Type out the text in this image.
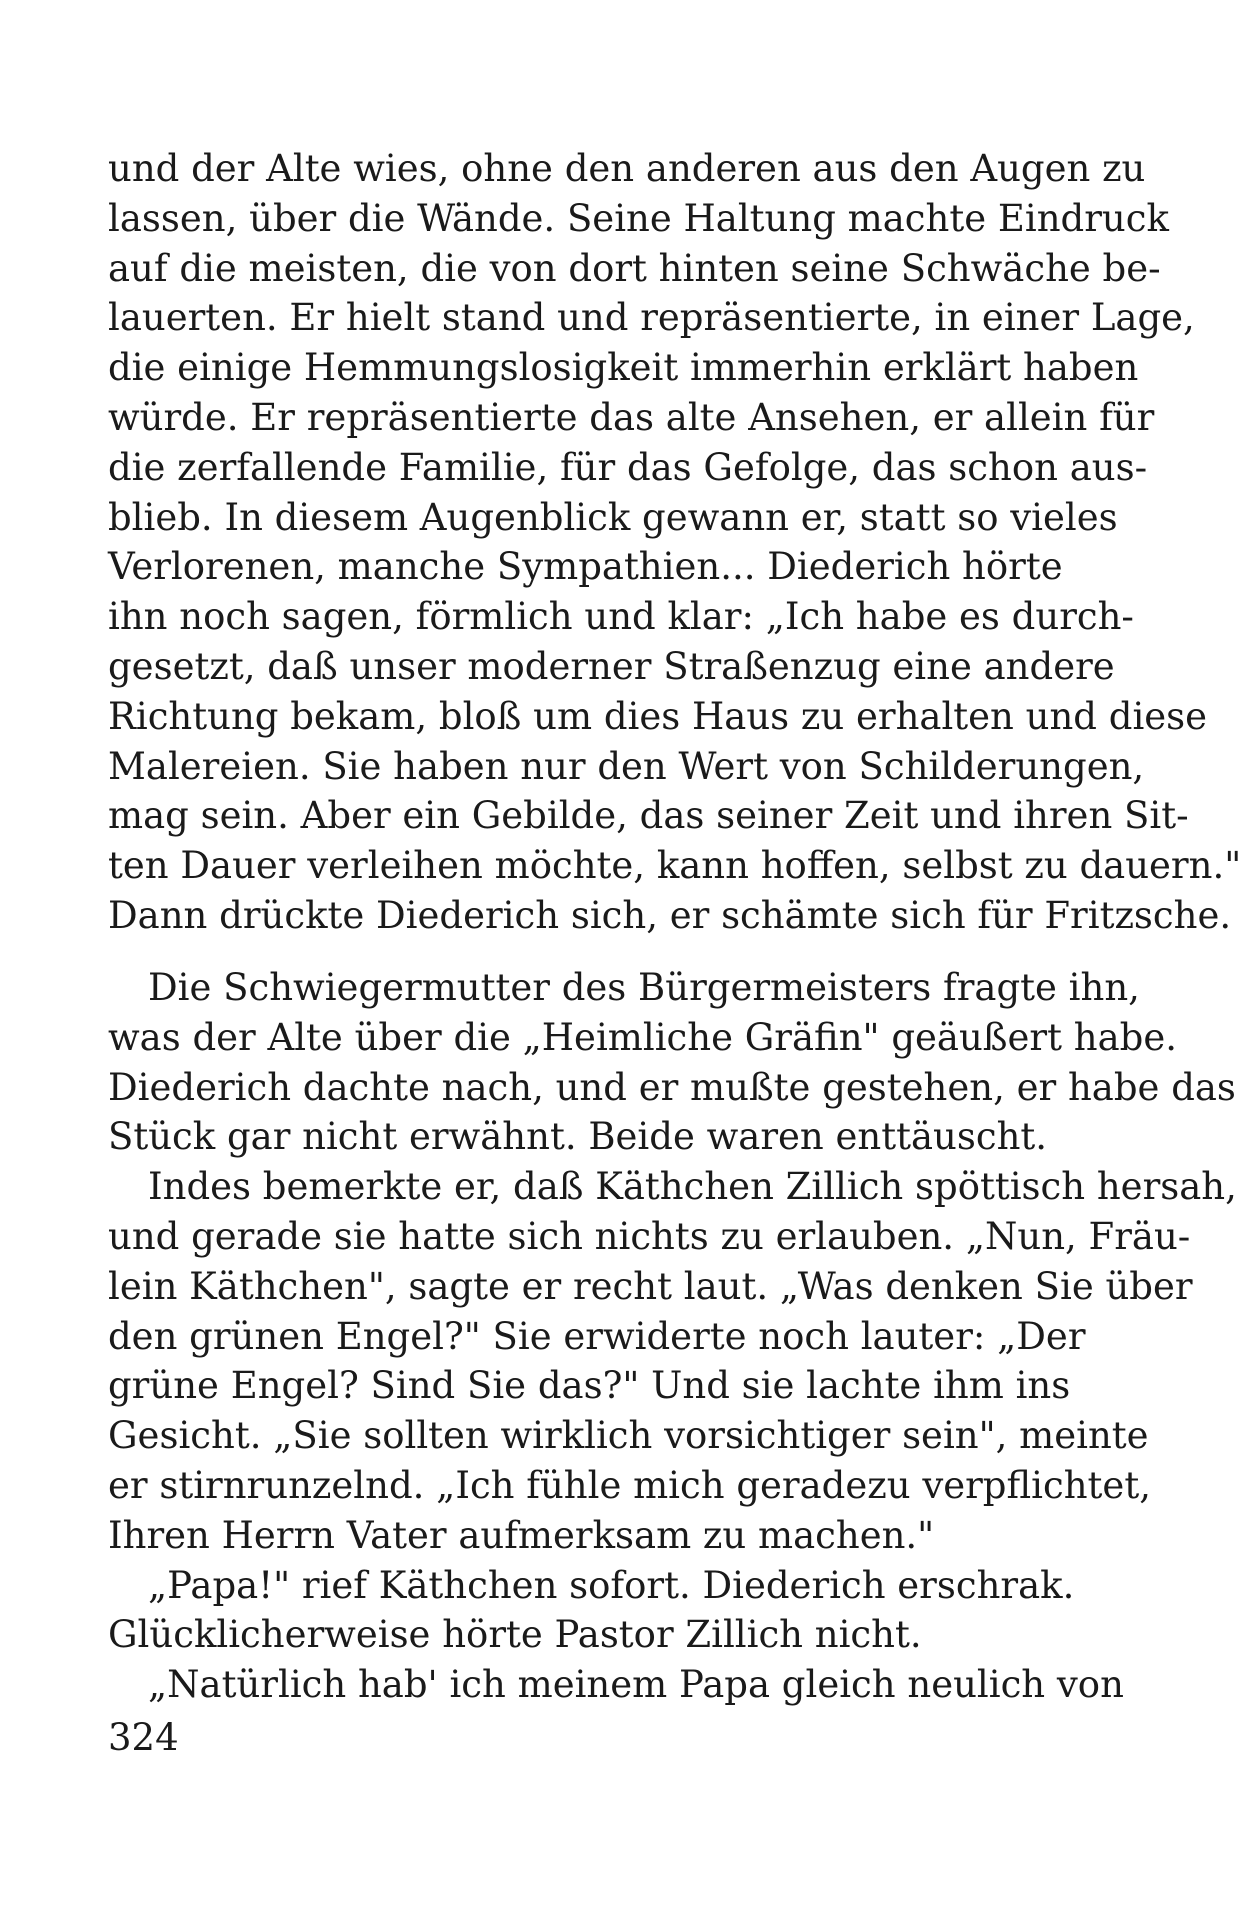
und der Alte wies, ohne den anderen aus den Augen zu
lassen, über die Wände. Seine Haltung machte Eindruck
auf die meisten, die von dort hinten seine Schwäche be-
lauerten. Er hielt stand und repräsentierte, in einer Lage,
die einige Hemmungslosigkeit immerhin erklärt haben
würde. Er repräsentierte das alte Ansehen, er allein für
die zerfallende Familie, für das Gefolge, das schon aus-
blieb. In diesem Augenblick gewann er, statt so vieles
Verlorenen, manche Sympathien... Diederich hörte
ihn noch sagen, förmlich und klar: „Ich habe es durch-
gesetzt, daß unser moderner Straßenzug eine andere
Richtung bekam, bloß um dies Haus zu erhalten und diese
Malereien. Sie haben nur den Wert von Schilderungen,
mag sein. Aber ein Gebilde, das seiner Zeit und ihren Sit-
ten Dauer verleihen möchte, kann hoffen, selbst zu dauern."
Dann drückte Diederich sich, er schämte sich für Fritzsche.
Die Schwiegermutter des Bürgermeisters fragte ihn,
was der Alte über die „Heimliche Gräfin" geäußert habe.
Diederich dachte nach, und er mußte gestehen, er habe das
Stück gar nicht erwähnt. Beide waren enttäuscht.
Indes bemerkte er, daß Käthchen Zillich spöttisch hersah,
und gerade sie hatte sich nichts zu erlauben. „Nun, Fräu-
lein Käthchen", sagte er recht laut. „Was denken Sie über
den grünen Engel?" Sie erwiderte noch lauter: „Der
grüne Engel? Sind Sie das?" Und sie lachte ihm ins
Gesicht. „Sie sollten wirklich vorsichtiger sein", meinte
er stirnrunzelnd. „Ich fühle mich geradezu verpflichtet,
Ihren Herrn Vater aufmerksam zu machen."
„Papa!" rief Käthchen sofort. Diederich erschrak.
Glücklicherweise hörte Pastor Zillich nicht.
„Natürlich hab' ich meinem Papa gleich neulich von
324
